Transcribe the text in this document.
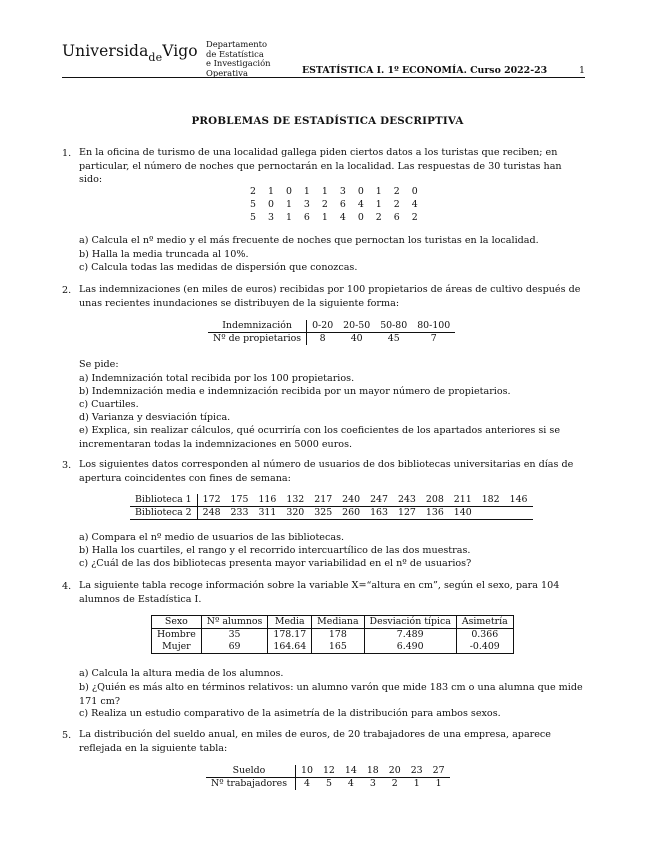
Universida$_{de}$Vigo Departamento
de Estatística
e Investigación
Operativa	ESTATÍSTICA I. 1º ECONOMÍA. Curso 2022-23	1
PROBLEMAS DE ESTADÍSTICA DESCRIPTIVA
1. En la oficina de turismo de una localidad gallega piden ciertos datos a los turistas que reciben; en particular, el número de noches que pernoctarán en la localidad. Las respuestas de 30 turistas han sido:
2	1	0	1	1	3	0	1	2	0
5	0	1	3	2	6	4	1	2	4
5	3	1	6	1	4	0	2	6	2
a) Calcula el nº medio y el más frecuente de noches que pernoctan los turistas en la localidad.
b) Halla la media truncada al 10%.
c) Calcula todas las medidas de dispersión que conozcas.
2. Las indemnizaciones (en miles de euros) recibidas por 100 propietarios de áreas de cultivo después de unas recientes inundaciones se distribuyen de la siguiente forma:
Indemnización	0-20	20-50	50-80	80-100
Nº de propietarios	8	40	45	7
Se pide:
a) Indemnización total recibida por los 100 propietarios.
b) Indemnización media e indemnización recibida por un mayor número de propietarios.
c) Cuartiles.
d) Varianza y desviación típica.
e) Explica, sin realizar cálculos, qué ocurriría con los coeficientes de los apartados anteriores si se incrementaran todas la indemnizaciones en 5000 euros.
3. Los siguientes datos corresponden al número de usuarios de dos bibliotecas universitarias en días de apertura coincidentes con fines de semana:
Biblioteca 1	172	175	116	132	217	240	247	243	208	211	182	146
Biblioteca 2	248	233	311	320	325	260	163	127	136	140		
a) Compara el nº medio de usuarios de las bibliotecas.
b) Halla los cuartiles, el rango y el recorrido intercuartílico de las dos muestras.
c) ¿Cuál de las dos bibliotecas presenta mayor variabilidad en el nº de usuarios?
4. La siguiente tabla recoge información sobre la variable X=“altura en cm”, según el sexo, para 104 alumnos de Estadística I.
Sexo	Nº alumnos	Media	Mediana	Desviación típica	Asimetría
Hombre	35	178.17	178	7.489	0.366
Mujer	69	164.64	165	6.490	-0.409
a) Calcula la altura media de los alumnos.
b) ¿Quién es más alto en términos relativos: un alumno varón que mide 183 cm o una alumna que mide 171 cm?
c) Realiza un estudio comparativo de la asimetría de la distribución para ambos sexos.
5. La distribución del sueldo anual, en miles de euros, de 20 trabajadores de una empresa, aparece reflejada en la siguiente tabla:
Sueldo	10	12	14	18	20	23	27
Nº trabajadores	4	5	4	3	2	1	1
